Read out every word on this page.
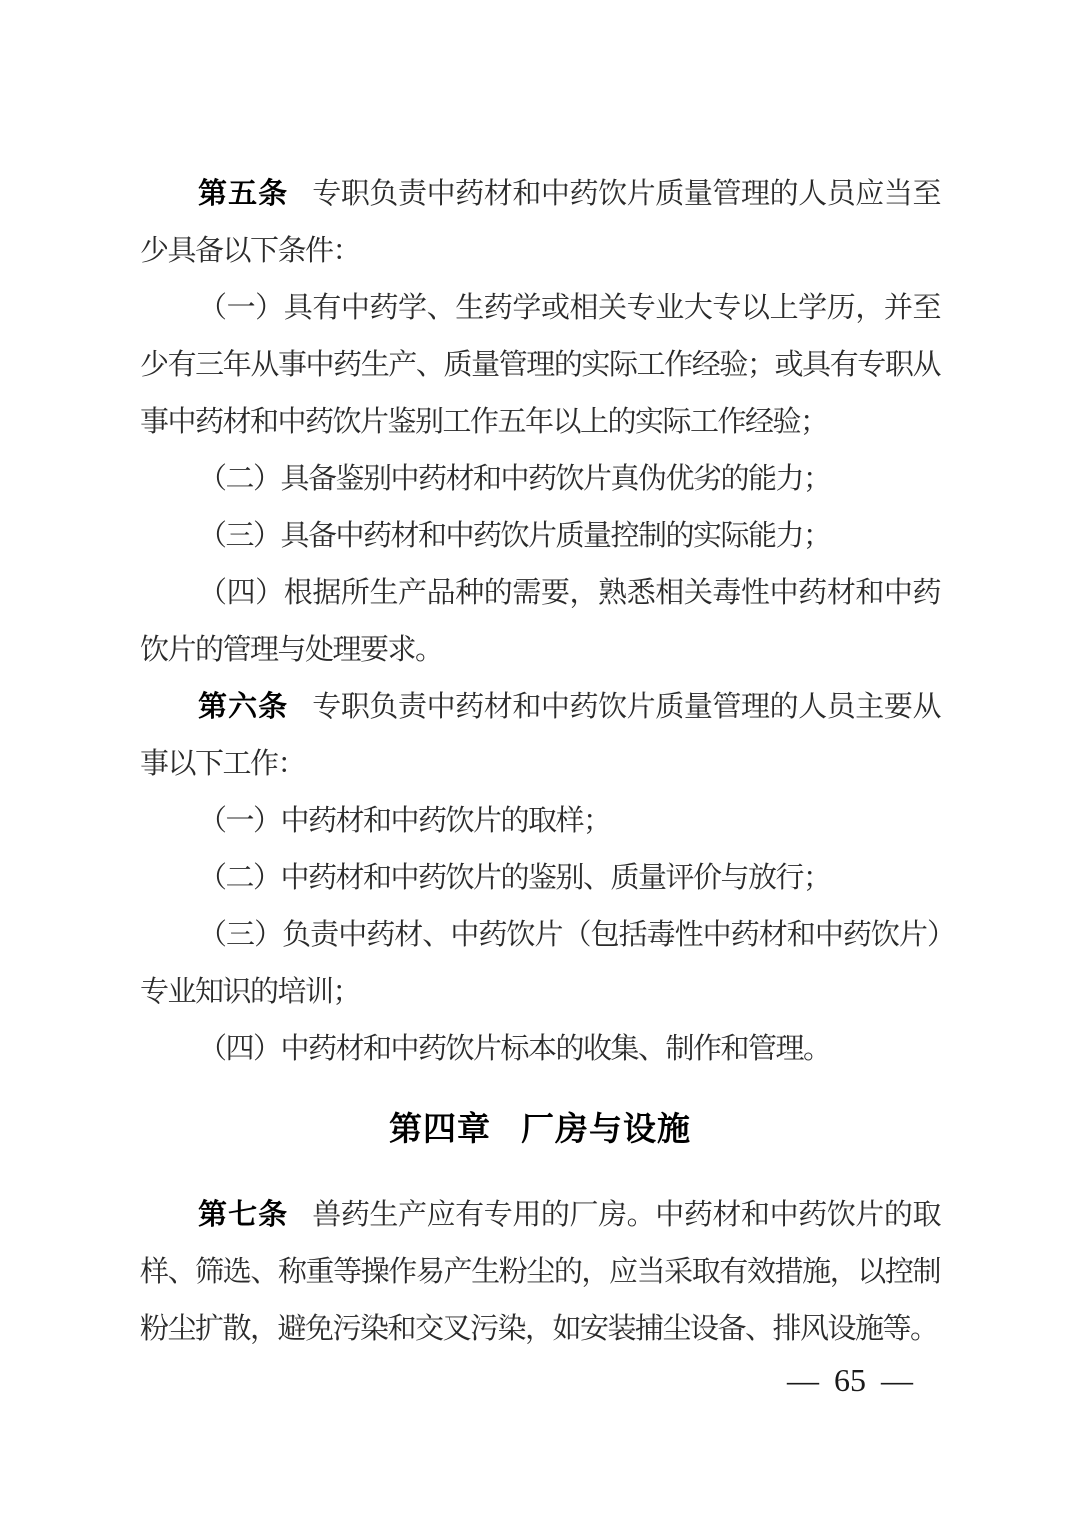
第五条 专职负责中药材和中药饮片质量管理的人员应当至少具备以下条件：

（一）具有中药学、生药学或相关专业大专以上学历，并至少有三年从事中药生产、质量管理的实际工作经验；或具有专职从事中药材和中药饮片鉴别工作五年以上的实际工作经验；

（二）具备鉴别中药材和中药饮片真伪优劣的能力；

（三）具备中药材和中药饮片质量控制的实际能力；

（四）根据所生产品种的需要，熟悉相关毒性中药材和中药饮片的管理与处理要求。

第六条 专职负责中药材和中药饮片质量管理的人员主要从事以下工作：

（一）中药材和中药饮片的取样；

（二）中药材和中药饮片的鉴别、质量评价与放行；

（三）负责中药材、中药饮片（包括毒性中药材和中药饮片）专业知识的培训；

（四）中药材和中药饮片标本的收集、制作和管理。

第四章 厂房与设施

第七条 兽药生产应有专用的厂房。中药材和中药饮片的取样、筛选、称重等操作易产生粉尘的，应当采取有效措施，以控制粉尘扩散，避免污染和交叉污染，如安装捕尘设备、排风设施等。

— 65 —
